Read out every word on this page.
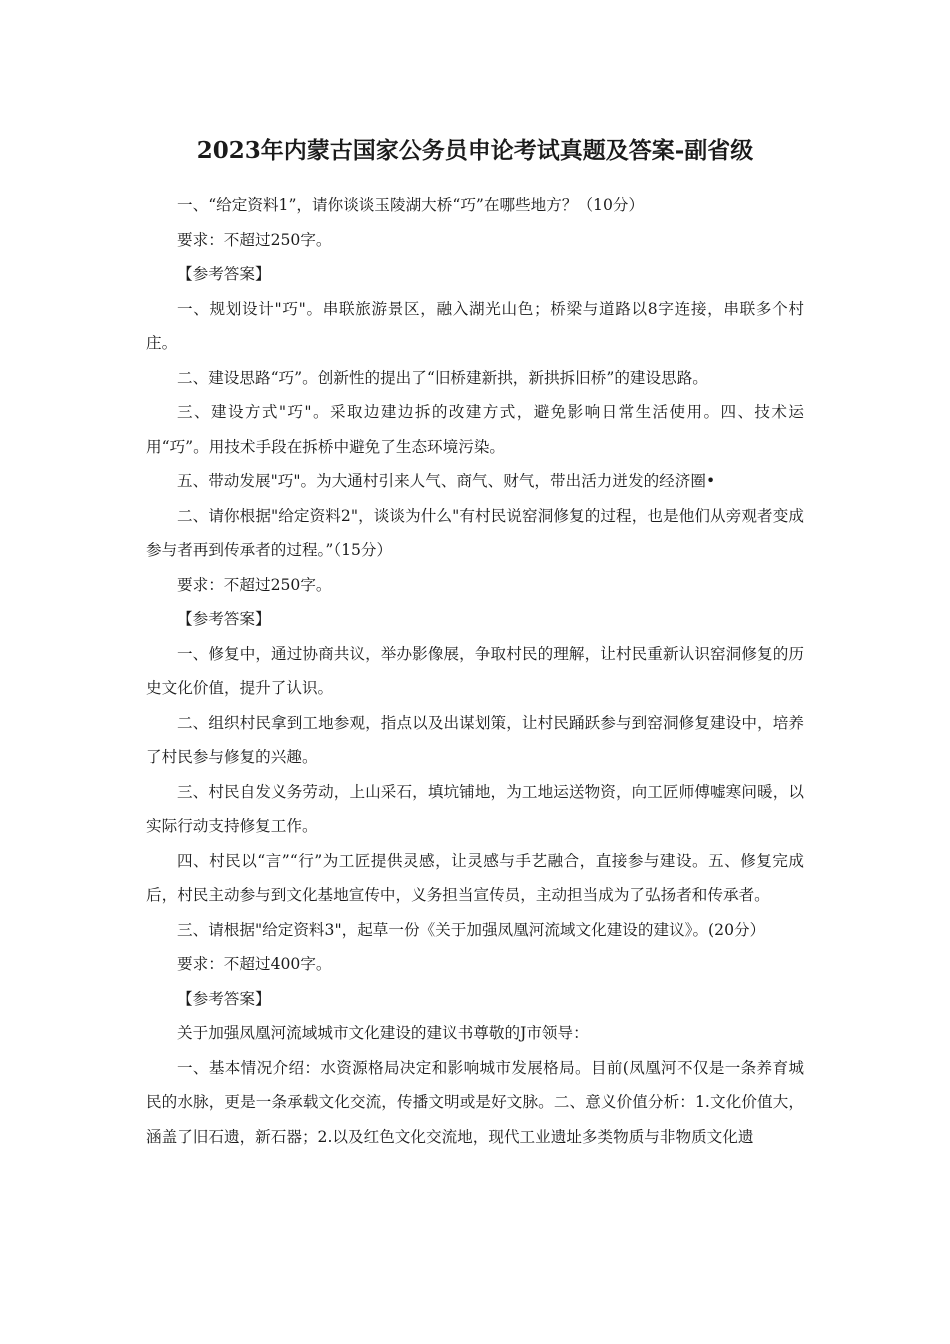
2023年内蒙古国家公务员申论考试真题及答案-副省级

一、“给定资料1”，请你谈谈玉陵湖大桥“巧”在哪些地方？（10分）

要求：不超过250字。

【参考答案】

一、规划设计"巧"。串联旅游景区，融入湖光山色；桥梁与道路以8字连接，串联多个村庄。

二、建设思路“巧”。创新性的提出了“旧桥建新拱，新拱拆旧桥”的建设思路。

三、建设方式"巧"。采取边建边拆的改建方式，避免影响日常生活使用。四、技术运用“巧”。用技术手段在拆桥中避免了生态环境污染。

五、带动发展"巧"。为大通村引来人气、商气、财气，带出活力迸发的经济圈•

二、请你根据"给定资料2"，谈谈为什么"有村民说窑洞修复的过程，也是他们从旁观者变成参与者再到传承者的过程。”（15分）

要求：不超过250字。

【参考答案】

一、修复中，通过协商共议，举办影像展，争取村民的理解，让村民重新认识窑洞修复的历史文化价值，提升了认识。

二、组织村民拿到工地参观，指点以及出谋划策，让村民踊跃参与到窑洞修复建设中，培养了村民参与修复的兴趣。

三、村民自发义务劳动，上山采石，填坑铺地，为工地运送物资，向工匠师傅嘘寒问暖，以实际行动支持修复工作。

四、村民以“言”“行”为工匠提供灵感，让灵感与手艺融合，直接参与建设。五、修复完成后，村民主动参与到文化基地宣传中，义务担当宣传员，主动担当成为了弘扬者和传承者。

三、请根据"给定资料3"，起草一份《关于加强凤凰河流域文化建设的建议》。(20分）

要求：不超过400字。

【参考答案】

关于加强凤凰河流域城市文化建设的建议书尊敬的J市领导：

一、基本情况介绍：水资源格局决定和影响城市发展格局。目前(凤凰河不仅是一条养育城民的水脉，更是一条承载文化交流，传播文明或是好文脉。二、意义价值分析：1.文化价值大，涵盖了旧石遗，新石器；2.以及红色文化交流地，现代工业遗址多类物质与非物质文化遗
